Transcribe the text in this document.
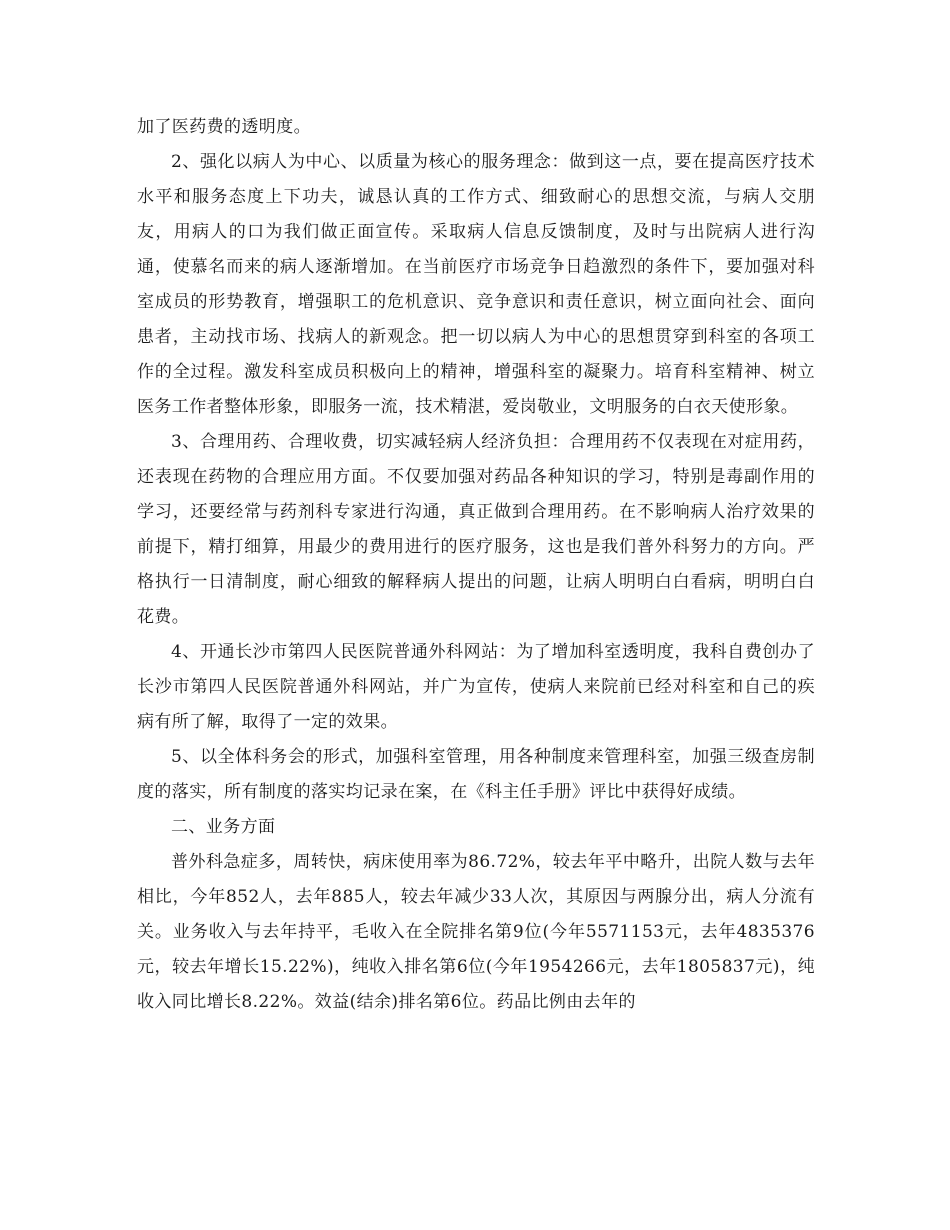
加了医药费的透明度。

2、强化以病人为中心、以质量为核心的服务理念：做到这一点，要在提高医疗技术水平和服务态度上下功夫，诚恳认真的工作方式、细致耐心的思想交流，与病人交朋友，用病人的口为我们做正面宣传。采取病人信息反馈制度，及时与出院病人进行沟通，使慕名而来的病人逐渐增加。在当前医疗市场竞争日趋激烈的条件下，要加强对科室成员的形势教育，增强职工的危机意识、竞争意识和责任意识，树立面向社会、面向患者，主动找市场、找病人的新观念。把一切以病人为中心的思想贯穿到科室的各项工作的全过程。激发科室成员积极向上的精神，增强科室的凝聚力。培育科室精神、树立医务工作者整体形象，即服务一流，技术精湛，爱岗敬业，文明服务的白衣天使形象。

3、合理用药、合理收费，切实减轻病人经济负担：合理用药不仅表现在对症用药，还表现在药物的合理应用方面。不仅要加强对药品各种知识的学习，特别是毒副作用的学习，还要经常与药剂科专家进行沟通，真正做到合理用药。在不影响病人治疗效果的前提下，精打细算，用最少的费用进行的医疗服务，这也是我们普外科努力的方向。严格执行一日清制度，耐心细致的解释病人提出的问题，让病人明明白白看病，明明白白花费。

4、开通长沙市第四人民医院普通外科网站：为了增加科室透明度，我科自费创办了长沙市第四人民医院普通外科网站，并广为宣传，使病人来院前已经对科室和自己的疾病有所了解，取得了一定的效果。

5、以全体科务会的形式，加强科室管理，用各种制度来管理科室，加强三级查房制度的落实，所有制度的落实均记录在案，在《科主任手册》评比中获得好成绩。

二、业务方面

普外科急症多，周转快，病床使用率为86.72%，较去年平中略升，出院人数与去年相比，今年852人，去年885人，较去年减少33人次，其原因与两腺分出，病人分流有关。业务收入与去年持平，毛收入在全院排名第9位(今年5571153元，去年4835376元，较去年增长15.22%)，纯收入排名第6位(今年1954266元，去年1805837元)，纯收入同比增长8.22%。效益(结余)排名第6位。药品比例由去年的
